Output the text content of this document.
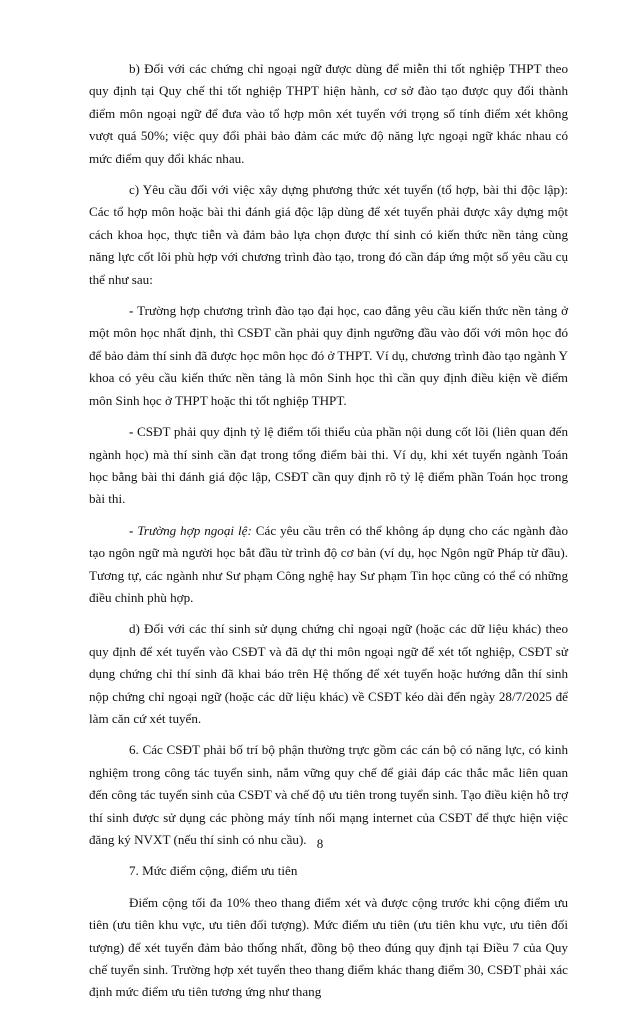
b) Đối với các chứng chỉ ngoại ngữ được dùng để miễn thi tốt nghiệp THPT theo quy định tại Quy chế thi tốt nghiệp THPT hiện hành, cơ sở đào tạo được quy đổi thành điểm môn ngoại ngữ để đưa vào tổ hợp môn xét tuyển với trọng số tính điểm xét không vượt quá 50%; việc quy đổi phải bảo đảm các mức độ năng lực ngoại ngữ khác nhau có mức điểm quy đổi khác nhau.

c) Yêu cầu đối với việc xây dựng phương thức xét tuyển (tổ hợp, bài thi độc lập): Các tổ hợp môn hoặc bài thi đánh giá độc lập dùng để xét tuyển phải được xây dựng một cách khoa học, thực tiễn và đảm bảo lựa chọn được thí sinh có kiến thức nền tảng cùng năng lực cốt lõi phù hợp với chương trình đào tạo, trong đó cần đáp ứng một số yêu cầu cụ thể như sau:

- Trường hợp chương trình đào tạo đại học, cao đẳng yêu cầu kiến thức nền tảng ở một môn học nhất định, thì CSĐT cần phải quy định ngưỡng đầu vào đối với môn học đó để bảo đảm thí sinh đã được học môn học đó ở THPT. Ví dụ, chương trình đào tạo ngành Y khoa có yêu cầu kiến thức nền tảng là môn Sinh học thì cần quy định điều kiện về điểm môn Sinh học ở THPT hoặc thi tốt nghiệp THPT.

- CSĐT phải quy định tỷ lệ điểm tối thiểu của phần nội dung cốt lõi (liên quan đến ngành học) mà thí sinh cần đạt trong tổng điểm bài thi. Ví dụ, khi xét tuyển ngành Toán học bằng bài thi đánh giá độc lập, CSĐT cần quy định rõ tỷ lệ điểm phần Toán học trong bài thi.

- Trường hợp ngoại lệ: Các yêu cầu trên có thể không áp dụng cho các ngành đào tạo ngôn ngữ mà người học bắt đầu từ trình độ cơ bản (ví dụ, học Ngôn ngữ Pháp từ đầu). Tương tự, các ngành như Sư phạm Công nghệ hay Sư phạm Tin học cũng có thể có những điều chỉnh phù hợp.

d) Đối với các thí sinh sử dụng chứng chỉ ngoại ngữ (hoặc các dữ liệu khác) theo quy định để xét tuyển vào CSĐT và đã dự thi môn ngoại ngữ để xét tốt nghiệp, CSĐT sử dụng chứng chỉ thí sinh đã khai báo trên Hệ thống để xét tuyển hoặc hướng dẫn thí sinh nộp chứng chỉ ngoại ngữ (hoặc các dữ liệu khác) về CSĐT kéo dài đến ngày 28/7/2025 để làm căn cứ xét tuyển.

6. Các CSĐT phải bố trí bộ phận thường trực gồm các cán bộ có năng lực, có kinh nghiệm trong công tác tuyển sinh, nắm vững quy chế để giải đáp các thắc mắc liên quan đến công tác tuyển sinh của CSĐT và chế độ ưu tiên trong tuyển sinh. Tạo điều kiện hỗ trợ thí sinh được sử dụng các phòng máy tính nối mạng internet của CSĐT để thực hiện việc đăng ký NVXT (nếu thí sinh có nhu cầu).

7. Mức điểm cộng, điểm ưu tiên

Điểm cộng tối đa 10% theo thang điểm xét và được cộng trước khi cộng điểm ưu tiên (ưu tiên khu vực, ưu tiên đối tượng). Mức điểm ưu tiên (ưu tiên khu vực, ưu tiên đối tượng) để xét tuyển đảm bảo thống nhất, đồng bộ theo đúng quy định tại Điều 7 của Quy chế tuyển sinh. Trường hợp xét tuyển theo thang điểm khác thang điểm 30, CSĐT phải xác định mức điểm ưu tiên tương ứng như thang

8
